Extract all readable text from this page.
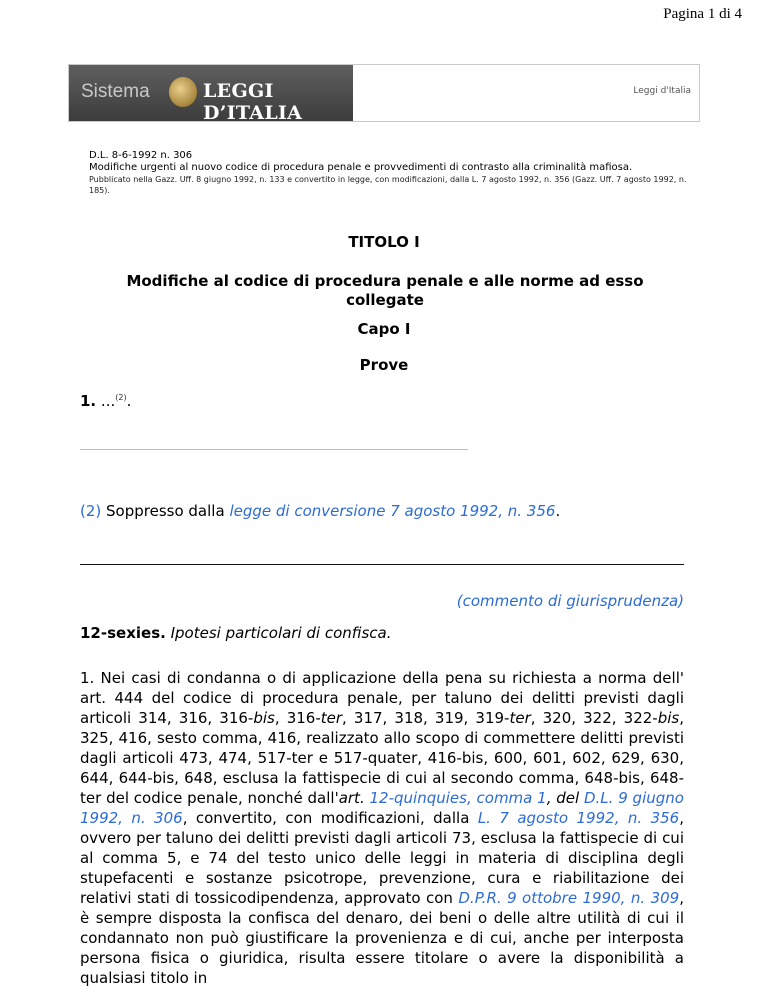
Pagina 1 di 4
Sistema	LEGGI D’ITALIA
Leggi d'Italia
D.L. 8-6-1992 n. 306
Modifiche urgenti al nuovo codice di procedura penale e provvedimenti di contrasto alla criminalità mafiosa.
Pubblicato nella Gazz. Uff. 8 giugno 1992, n. 133 e convertito in legge, con modificazioni, dalla L. 7 agosto 1992, n. 356 (Gazz. Uff. 7 agosto 1992, n. 185).
TITOLO I
Modifiche al codice di procedura penale e alle norme ad esso collegate
Capo I
Prove
1. ...$^{(2)}$.
(2) Soppresso dalla legge di conversione 7 agosto 1992, n. 356.
(commento di giurisprudenza)
12-sexies. Ipotesi particolari di confisca.
1. Nei casi di condanna o di applicazione della pena su richiesta a norma dell' art. 444 del codice di procedura penale, per taluno dei delitti previsti dagli articoli 314, 316, 316-bis, 316-ter, 317, 318, 319, 319-ter, 320, 322, 322-bis, 325, 416, sesto comma, 416, realizzato allo scopo di commettere delitti previsti dagli articoli 473, 474, 517-ter e 517-quater, 416-bis, 600, 601, 602, 629, 630, 644, 644-bis, 648, esclusa la fattispecie di cui al secondo comma, 648-bis, 648-ter del codice penale, nonché dall'art. 12-quinquies, comma 1, del D.L. 9 giugno 1992, n. 306, convertito, con modificazioni, dalla L. 7 agosto 1992, n. 356, ovvero per taluno dei delitti previsti dagli articoli 73, esclusa la fattispecie di cui al comma 5, e 74 del testo unico delle leggi in materia di disciplina degli stupefacenti e sostanze psicotrope, prevenzione, cura e riabilitazione dei relativi stati di tossicodipendenza, approvato con D.P.R. 9 ottobre 1990, n. 309, è sempre disposta la confisca del denaro, dei beni o delle altre utilità di cui il condannato non può giustificare la provenienza e di cui, anche per interposta persona fisica o giuridica, risulta essere titolare o avere la disponibilità a qualsiasi titolo in
